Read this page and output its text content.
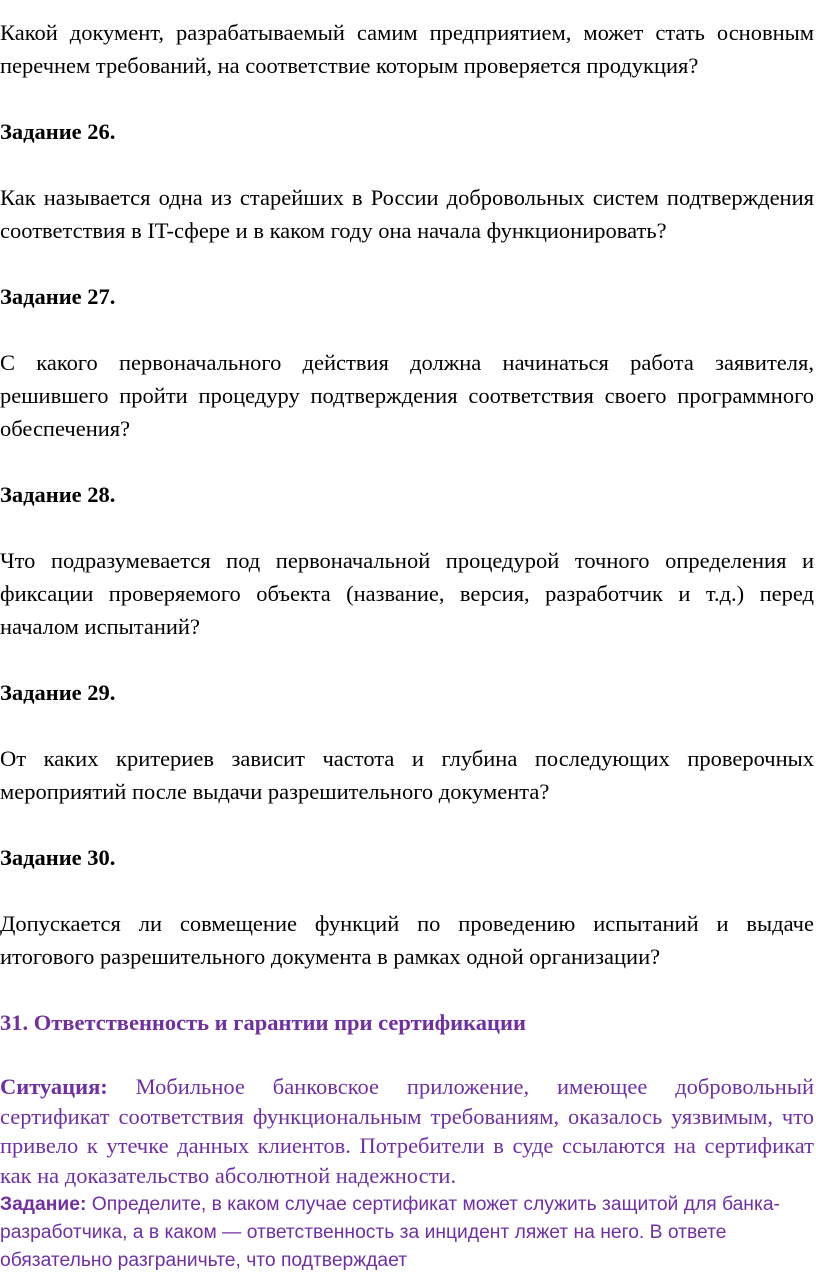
Какой документ, разрабатываемый самим предприятием, может стать основным перечнем требований, на соответствие которым проверяется продукция?

Задание 26.

Как называется одна из старейших в России добровольных систем подтверждения соответствия в IT-сфере и в каком году она начала функционировать?

Задание 27.

С какого первоначального действия должна начинаться работа заявителя, решившего пройти процедуру подтверждения соответствия своего программного обеспечения?

Задание 28.

Что подразумевается под первоначальной процедурой точного определения и фиксации проверяемого объекта (название, версия, разработчик и т.д.) перед началом испытаний?

Задание 29.

От каких критериев зависит частота и глубина последующих проверочных мероприятий после выдачи разрешительного документа?

Задание 30.

Допускается ли совмещение функций по проведению испытаний и выдаче итогового разрешительного документа в рамках одной организации?

31. Ответственность и гарантии при сертификации

Ситуация: Мобильное банковское приложение, имеющее добровольный сертификат соответствия функциональным требованиям, оказалось уязвимым, что привело к утечке данных клиентов. Потребители в суде ссылаются на сертификат как на доказательство абсолютной надежности.

Задание: Определите, в каком случае сертификат может служить защитой для банка-разработчика, а в каком — ответственность за инцидент ляжет на него. В ответе обязательно разграничьте, что подтверждает
